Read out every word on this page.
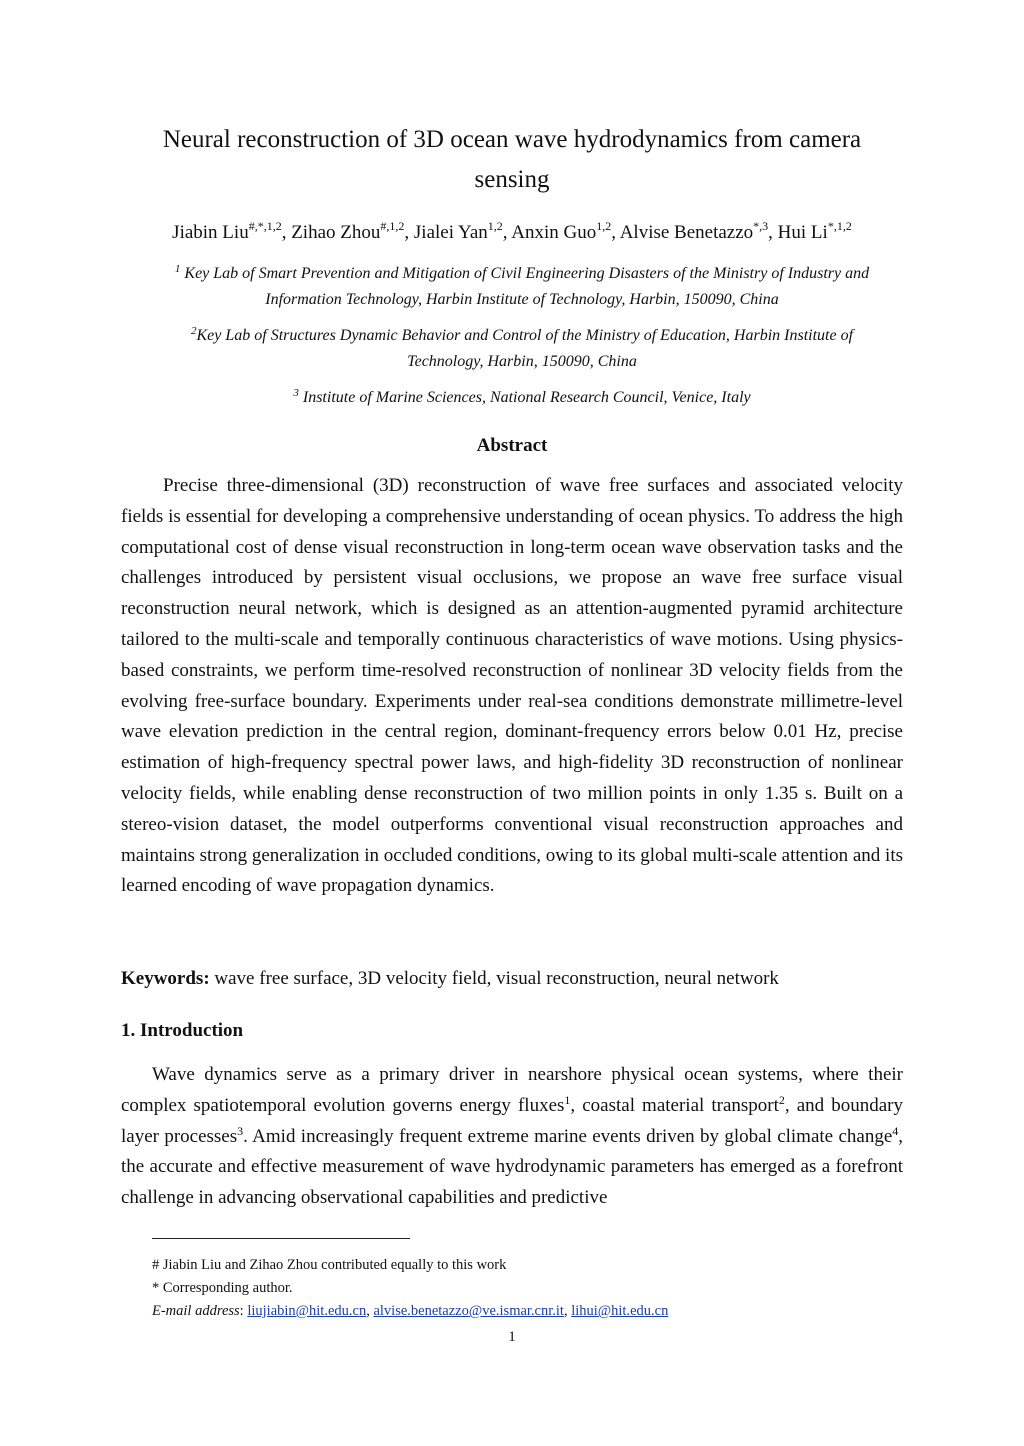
Neural reconstruction of 3D ocean wave hydrodynamics from camera
sensing
Jiabin Liu$^{\#,*,1,2}$, Zihao Zhou$^{\#,1,2}$, Jialei Yan$^{1,2}$, Anxin Guo$^{1,2}$, Alvise Benetazzo$^{*,3}$, Hui $Li^{*,1,2}$
$^1$ Key Lab of Smart Prevention and Mitigation of Civil Engineering Disasters of the Ministry of Industry and
Information Technology, Harbin Institute of Technology, Harbin, 150090, China
$^2$Key Lab of Structures Dynamic Behavior and Control of the Ministry of Education, Harbin Institute of
Technology, Harbin, 150090, China
$^3$ Institute of Marine Sciences, National Research Council, Venice, Italy
Abstract
Precise three-dimensional (3D) reconstruction of wave free surfaces and associated velocity fields is essential for developing a comprehensive understanding of ocean physics. To address the high computational cost of dense visual reconstruction in long-term ocean wave observation tasks and the challenges introduced by persistent visual occlusions, we propose an wave free surface visual reconstruction neural network, which is designed as an attention-augmented pyramid architecture tailored to the multi-scale and temporally continuous characteristics of wave motions. Using physics-based constraints, we perform time-resolved reconstruction of nonlinear 3D velocity fields from the evolving free-surface boundary. Experiments under real-sea conditions demonstrate millimetre-level wave elevation prediction in the central region, dominant-frequency errors below 0.01 Hz, precise estimation of high-frequency spectral power laws, and high-fidelity 3D reconstruction of nonlinear velocity fields, while enabling dense reconstruction of two million points in only 1.35 s. Built on a stereo-vision dataset, the model outperforms conventional visual reconstruction approaches and maintains strong generalization in occluded conditions, owing to its global multi-scale attention and its learned encoding of wave propagation dynamics.
Keywords: wave free surface, 3D velocity field, visual reconstruction, neural network
1. Introduction
Wave dynamics serve as a primary driver in nearshore physical ocean systems, where their complex spatiotemporal evolution governs energy fluxes$^1$, coastal material transport$^2$, and boundary layer processes$^3$. Amid increasingly frequent extreme marine events driven by global climate change$^4$, the accurate and effective measurement of wave hydrodynamic parameters has emerged as a forefront challenge in advancing observational capabilities and predictive
# Jiabin Liu and Zihao Zhou contributed equally to this work
* Corresponding author.
E-mail address: liujiabin@hit.edu.cn, alvise.benetazzo@ve.ismar.cnr.it, lihui@hit.edu.cn
1
